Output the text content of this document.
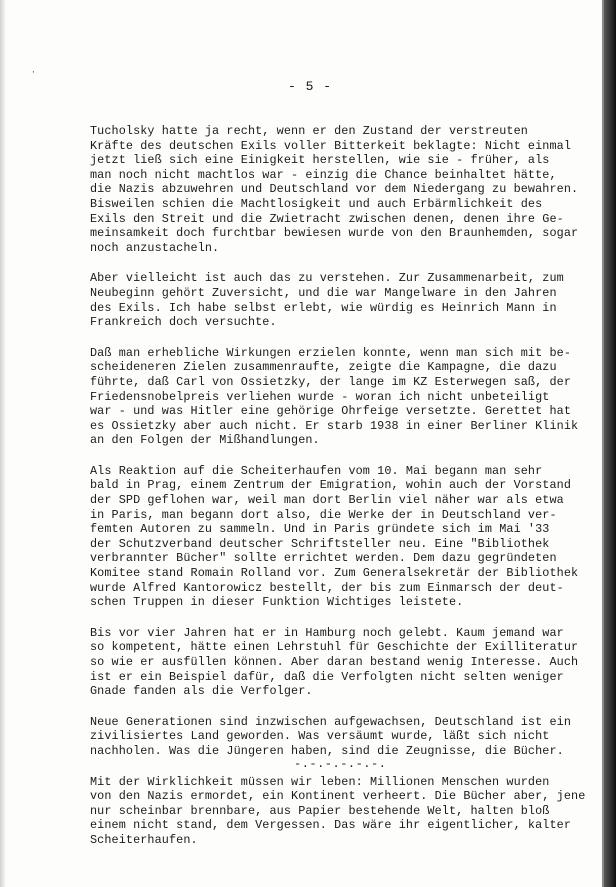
·
- 5 -
Tucholsky hatte ja recht, wenn er den Zustand der verstreuten
Kräfte des deutschen Exils voller Bitterkeit beklagte: Nicht einmal
jetzt ließ sich eine Einigkeit herstellen, wie sie - früher, als
man noch nicht machtlos war - einzig die Chance beinhaltet hätte,
die Nazis abzuwehren und Deutschland vor dem Niedergang zu bewahren.
Bisweilen schien die Machtlosigkeit und auch Erbärmlichkeit des
Exils den Streit und die Zwietracht zwischen denen, denen ihre Ge-
meinsamkeit doch furchtbar bewiesen wurde von den Braunhemden, sogar
noch anzustacheln.
Aber vielleicht ist auch das zu verstehen. Zur Zusammenarbeit, zum
Neubeginn gehört Zuversicht, und die war Mangelware in den Jahren
des Exils. Ich habe selbst erlebt, wie würdig es Heinrich Mann in
Frankreich doch versuchte.
Daß man erhebliche Wirkungen erzielen konnte, wenn man sich mit be-
scheideneren Zielen zusammenraufte, zeigte die Kampagne, die dazu
führte, daß Carl von Ossietzky, der lange im KZ Esterwegen saß, der
Friedensnobelpreis verliehen wurde - woran ich nicht unbeteiligt
war - und was Hitler eine gehörige Ohrfeige versetzte. Gerettet hat
es Ossietzky aber auch nicht. Er starb 1938 in einer Berliner Klinik
an den Folgen der Mißhandlungen.
Als Reaktion auf die Scheiterhaufen vom 10. Mai begann man sehr
bald in Prag, einem Zentrum der Emigration, wohin auch der Vorstand
der SPD geflohen war, weil man dort Berlin viel näher war als etwa
in Paris, man begann dort also, die Werke der in Deutschland ver-
femten Autoren zu sammeln. Und in Paris gründete sich im Mai '33
der Schutzverband deutscher Schriftsteller neu. Eine "Bibliothek
verbrannter Bücher" sollte errichtet werden. Dem dazu gegründeten
Komitee stand Romain Rolland vor. Zum Generalsekretär der Bibliothek
wurde Alfred Kantorowicz bestellt, der bis zum Einmarsch der deut-
schen Truppen in dieser Funktion Wichtiges leistete.
Bis vor vier Jahren hat er in Hamburg noch gelebt. Kaum jemand war
so kompetent, hätte einen Lehrstuhl für Geschichte der Exilliteratur
so wie er ausfüllen können. Aber daran bestand wenig Interesse. Auch
ist er ein Beispiel dafür, daß die Verfolgten nicht selten weniger
Gnade fanden als die Verfolger.
Neue Generationen sind inzwischen aufgewachsen, Deutschland ist ein
zivilisiertes Land geworden. Was versäumt wurde, läßt sich nicht
nachholen. Was die Jüngeren haben, sind die Zeugnisse, die Bücher.
Mit der Wirklichkeit müssen wir leben: Millionen Menschen wurden
von den Nazis ermordet, ein Kontinent verheert. Die Bücher aber, jene
nur scheinbar brennbare, aus Papier bestehende Welt, halten bloß
einem nicht stand, dem Vergessen. Das wäre ihr eigentlicher, kalter
Scheiterhaufen.
-.-.-.-.-.-.
